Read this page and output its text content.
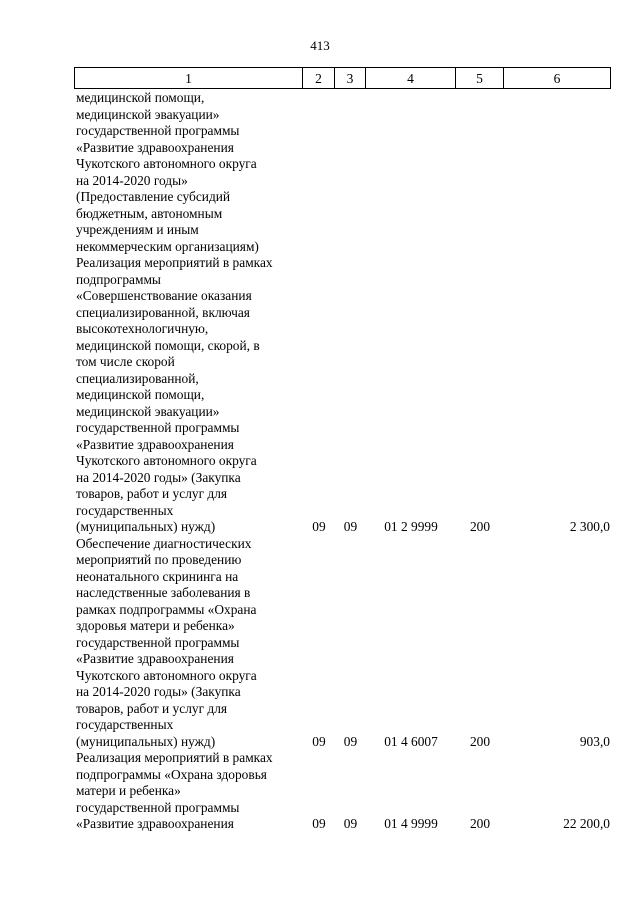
413
1	2	3	4	5	6
медицинской помощи,
медицинской эвакуации»
государственной программы
«Развитие здравоохранения
Чукотского автономного округа
на 2014-2020 годы»
(Предоставление субсидий
бюджетным, автономным
учреждениям и иным
некоммерческим организациям)
Реализация мероприятий в рамках
подпрограммы
«Совершенствование оказания
специализированной, включая
высокотехнологичную,
медицинской помощи, скорой, в
том числе скорой
специализированной,
медицинской помощи,
медицинской эвакуации»
государственной программы
«Развитие здравоохранения
Чукотского автономного округа
на 2014-2020 годы» (Закупка
товаров, работ и услуг для
государственных
(муниципальных) нужд)	09	09	01 2 9999	200	2 300,0
Обеспечение диагностических
мероприятий по проведению
неонатального скрининга на
наследственные заболевания в
рамках подпрограммы «Охрана
здоровья матери и ребенка»
государственной программы
«Развитие здравоохранения
Чукотского автономного округа
на 2014-2020 годы» (Закупка
товаров, работ и услуг для
государственных
(муниципальных) нужд)	09	09	01 4 6007	200	903,0
Реализация мероприятий в рамках
подпрограммы «Охрана здоровья
матери и ребенка»
государственной программы
«Развитие здравоохранения	09	09	01 4 9999	200	22 200,0
